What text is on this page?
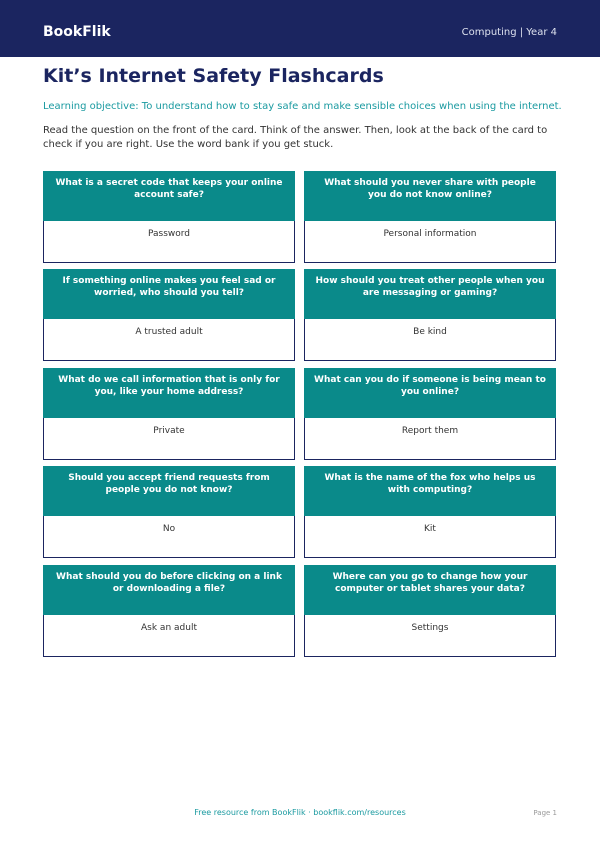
BookFlik	Computing | Year 4
Kit’s Internet Safety Flashcards
Learning objective: To understand how to stay safe and make sensible choices when using the internet.
Read the question on the front of the card. Think of the answer. Then, look at the back of the card to check if you are right. Use the word bank if you get stuck.
What is a secret code that keeps your online account safe?
Password
What should you never share with people you do not know online?
Personal information
If something online makes you feel sad or worried, who should you tell?
A trusted adult
How should you treat other people when you are messaging or gaming?
Be kind
What do we call information that is only for you, like your home address?
Private
What can you do if someone is being mean to you online?
Report them
Should you accept friend requests from people you do not know?
No
What is the name of the fox who helps us with computing?
Kit
What should you do before clicking on a link or downloading a file?
Ask an adult
Where can you go to change how your computer or tablet shares your data?
Settings
Free resource from BookFlik · bookflik.com/resources	Page 1
